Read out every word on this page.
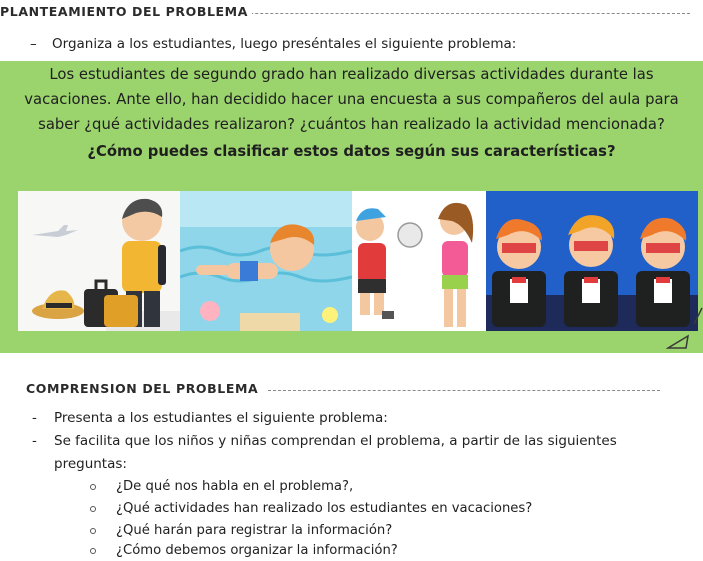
PLANTEAMIENTO DEL PROBLEMA
– Organiza a los estudiantes, luego preséntales el siguiente problema:
Los estudiantes de segundo grado han realizado diversas actividades durante las
vacaciones. Ante ello, han decidido hacer una encuesta a sus compañeros del aula para
saber ¿qué actividades realizaron? ¿cuántos han realizado la actividad mencionada?
¿Cómo puedes clasificar estos datos según sus características?
COMPRENSION DEL PROBLEMA
- Presenta a los estudiantes el siguiente problema:
- Se facilita que los niños y niñas comprendan el problema, a partir de las siguientes
preguntas:
¿De qué nos habla en el problema?,
¿Qué actividades han realizado los estudiantes en vacaciones?
¿Qué harán para registrar la información?
¿Cómo debemos organizar la información?
